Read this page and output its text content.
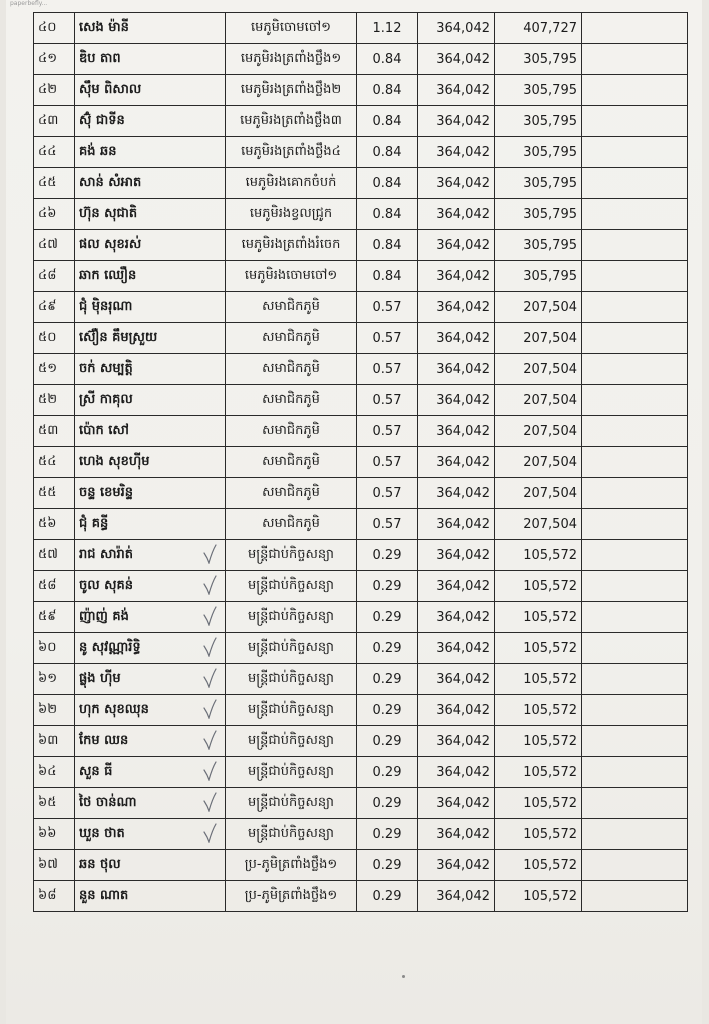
paperbefly...
៤០	សេង ម៉ានី	មេភូមិចោមចៅ១	1.12	364,042	407,727	
៤១	ឌិប តាព	មេភូមិរងត្រពាំងថ្លឹង១	0.84	364,042	305,795	
៤២	ស៊ឹម ពិសាល	មេភូមិរងត្រពាំងថ្លឹង២	0.84	364,042	305,795	
៤៣	ស៊ុំ ជាទីន	មេភូមិរងត្រពាំងថ្លឹង៣	0.84	364,042	305,795	
៤៤	គង់ ឆន	មេភូមិរងត្រពាំងថ្លឹង៤	0.84	364,042	305,795	
៤៥	សាន់ សំអាត	មេភូមិរងគោកចំបក់	0.84	364,042	305,795	
៤៦	ហ៊ុន សុជាតិ	មេភូមិរងខ្វលជ្រូក	0.84	364,042	305,795	
៤៧	ផល សុខរស់	មេភូមិរងត្រពាំងរំចេក	0.84	364,042	305,795	
៤៨	ឆាក ឈឿន	មេភូមិរងចោមចៅ១	0.84	364,042	305,795	
៤៩	ជុំ ម៉ិនរុណា	សមាជិកភូមិ	0.57	364,042	207,504	
៥០	ស៊ឿន គឹមស្រួយ	សមាជិកភូមិ	0.57	364,042	207,504	
៥១	ចក់ សម្បត្តិ	សមាជិកភូមិ	0.57	364,042	207,504	
៥២	ស្រី កាគុល	សមាជិកភូមិ	0.57	364,042	207,504	
៥៣	ប៉ោក សៅ	សមាជិកភូមិ	0.57	364,042	207,504	
៥៤	ហេង សុខហ៊ីម	សមាជិកភូមិ	0.57	364,042	207,504	
៥៥	ចន្ទ ខេមរិន្ទ	សមាជិកភូមិ	0.57	364,042	207,504	
៥៦	ជុំ គន្ធី	សមាជិកភូមិ	0.57	364,042	207,504	
៥៧	រាជ សារ៉ាត់	មន្ត្រីជាប់កិច្ចសន្យា	0.29	364,042	105,572	
៥៨	ចូល សុគន់	មន្ត្រីជាប់កិច្ចសន្យា	0.29	364,042	105,572	
៥៩	ញ៉ាញ់ គង់	មន្ត្រីជាប់កិច្ចសន្យា	0.29	364,042	105,572	
៦០	នូ សុវណ្ណារិទ្ធិ	មន្ត្រីជាប់កិច្ចសន្យា	0.29	364,042	105,572	
៦១	ផ្លុង ហ៊ីម	មន្ត្រីជាប់កិច្ចសន្យា	0.29	364,042	105,572	
៦២	ហុក សុខឈុន	មន្ត្រីជាប់កិច្ចសន្យា	0.29	364,042	105,572	
៦៣	កែម ឈន	មន្ត្រីជាប់កិច្ចសន្យា	0.29	364,042	105,572	
៦៤	សួន ធី	មន្ត្រីជាប់កិច្ចសន្យា	0.29	364,042	105,572	
៦៥	ថៃ ចាន់ណា	មន្ត្រីជាប់កិច្ចសន្យា	0.29	364,042	105,572	
៦៦	ឃួន ថាត	មន្ត្រីជាប់កិច្ចសន្យា	0.29	364,042	105,572	
៦៧	ឆន ថុល	ប្រ-ភូមិត្រពាំងថ្លឹង១	0.29	364,042	105,572	
៦៨	នួន ណាត	ប្រ-ភូមិត្រពាំងថ្លឹង១	0.29	364,042	105,572	
